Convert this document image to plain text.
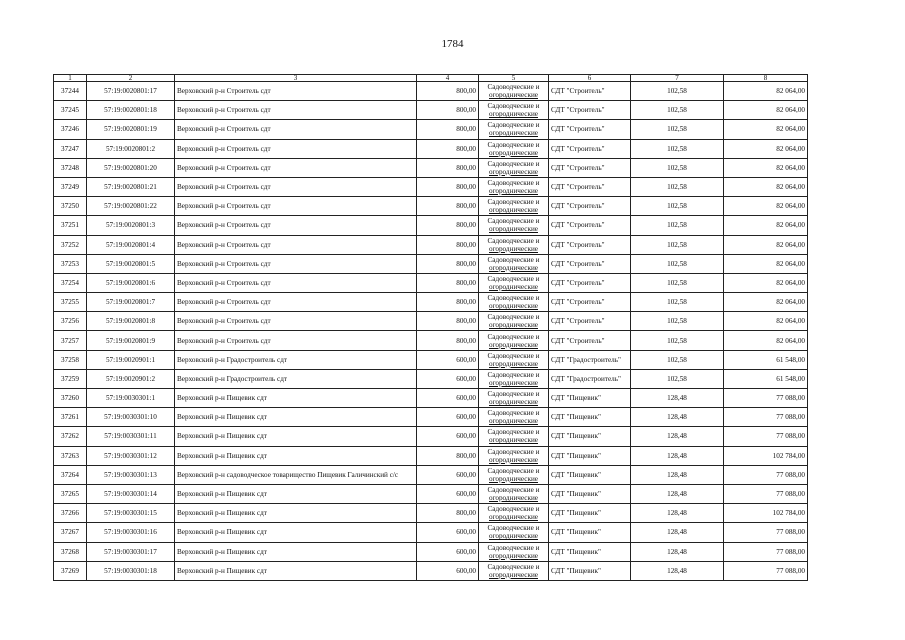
1784
1	2	3	4	5	6	7	8
37244	57:19:0020801:17	Верховский р-н Строитель сдт	800,00	Садоводческие и
огороднические	СДТ "Строитель"	102,58	82 064,00
37245	57:19:0020801:18	Верховский р-н Строитель сдт	800,00	Садоводческие и
огороднические	СДТ "Строитель"	102,58	82 064,00
37246	57:19:0020801:19	Верховский р-н Строитель сдт	800,00	Садоводческие и
огороднические	СДТ "Строитель"	102,58	82 064,00
37247	57:19:0020801:2	Верховский р-н Строитель сдт	800,00	Садоводческие и
огороднические	СДТ "Строитель"	102,58	82 064,00
37248	57:19:0020801:20	Верховский р-н Строитель сдт	800,00	Садоводческие и
огороднические	СДТ "Строитель"	102,58	82 064,00
37249	57:19:0020801:21	Верховский р-н Строитель сдт	800,00	Садоводческие и
огороднические	СДТ "Строитель"	102,58	82 064,00
37250	57:19:0020801:22	Верховский р-н Строитель сдт	800,00	Садоводческие и
огороднические	СДТ "Строитель"	102,58	82 064,00
37251	57:19:0020801:3	Верховский р-н Строитель сдт	800,00	Садоводческие и
огороднические	СДТ "Строитель"	102,58	82 064,00
37252	57:19:0020801:4	Верховский р-н Строитель сдт	800,00	Садоводческие и
огороднические	СДТ "Строитель"	102,58	82 064,00
37253	57:19:0020801:5	Верховский р-н Строитель сдт	800,00	Садоводческие и
огороднические	СДТ "Строитель"	102,58	82 064,00
37254	57:19:0020801:6	Верховский р-н Строитель сдт	800,00	Садоводческие и
огороднические	СДТ "Строитель"	102,58	82 064,00
37255	57:19:0020801:7	Верховский р-н Строитель сдт	800,00	Садоводческие и
огороднические	СДТ "Строитель"	102,58	82 064,00
37256	57:19:0020801:8	Верховский р-н Строитель сдт	800,00	Садоводческие и
огороднические	СДТ "Строитель"	102,58	82 064,00
37257	57:19:0020801:9	Верховский р-н Строитель сдт	800,00	Садоводческие и
огороднические	СДТ "Строитель"	102,58	82 064,00
37258	57:19:0020901:1	Верховский р-н Градостроитель сдт	600,00	Садоводческие и
огороднические	СДТ "Градостроитель"	102,58	61 548,00
37259	57:19:0020901:2	Верховский р-н Градостроитель сдт	600,00	Садоводческие и
огороднические	СДТ "Градостроитель"	102,58	61 548,00
37260	57:19:0030301:1	Верховский р-н Пищевик сдт	600,00	Садоводческие и
огороднические	СДТ "Пищевик"	128,48	77 088,00
37261	57:19:0030301:10	Верховский р-н Пищевик сдт	600,00	Садоводческие и
огороднические	СДТ "Пищевик"	128,48	77 088,00
37262	57:19:0030301:11	Верховский р-н Пищевик сдт	600,00	Садоводческие и
огороднические	СДТ "Пищевик"	128,48	77 088,00
37263	57:19:0030301:12	Верховский р-н Пищевик сдт	800,00	Садоводческие и
огороднические	СДТ "Пищевик"	128,48	102 784,00
37264	57:19:0030301:13	Верховский р-н садоводческое товарищество Пищевик Галичинский с/с	600,00	Садоводческие и
огороднические	СДТ "Пищевик"	128,48	77 088,00
37265	57:19:0030301:14	Верховский р-н Пищевик сдт	600,00	Садоводческие и
огороднические	СДТ "Пищевик"	128,48	77 088,00
37266	57:19:0030301:15	Верховский р-н Пищевик сдт	800,00	Садоводческие и
огороднические	СДТ "Пищевик"	128,48	102 784,00
37267	57:19:0030301:16	Верховский р-н Пищевик сдт	600,00	Садоводческие и
огороднические	СДТ "Пищевик"	128,48	77 088,00
37268	57:19:0030301:17	Верховский р-н Пищевик сдт	600,00	Садоводческие и
огороднические	СДТ "Пищевик"	128,48	77 088,00
37269	57:19:0030301:18	Верховский р-н Пищевик сдт	600,00	Садоводческие и
огороднические	СДТ "Пищевик"	128,48	77 088,00
